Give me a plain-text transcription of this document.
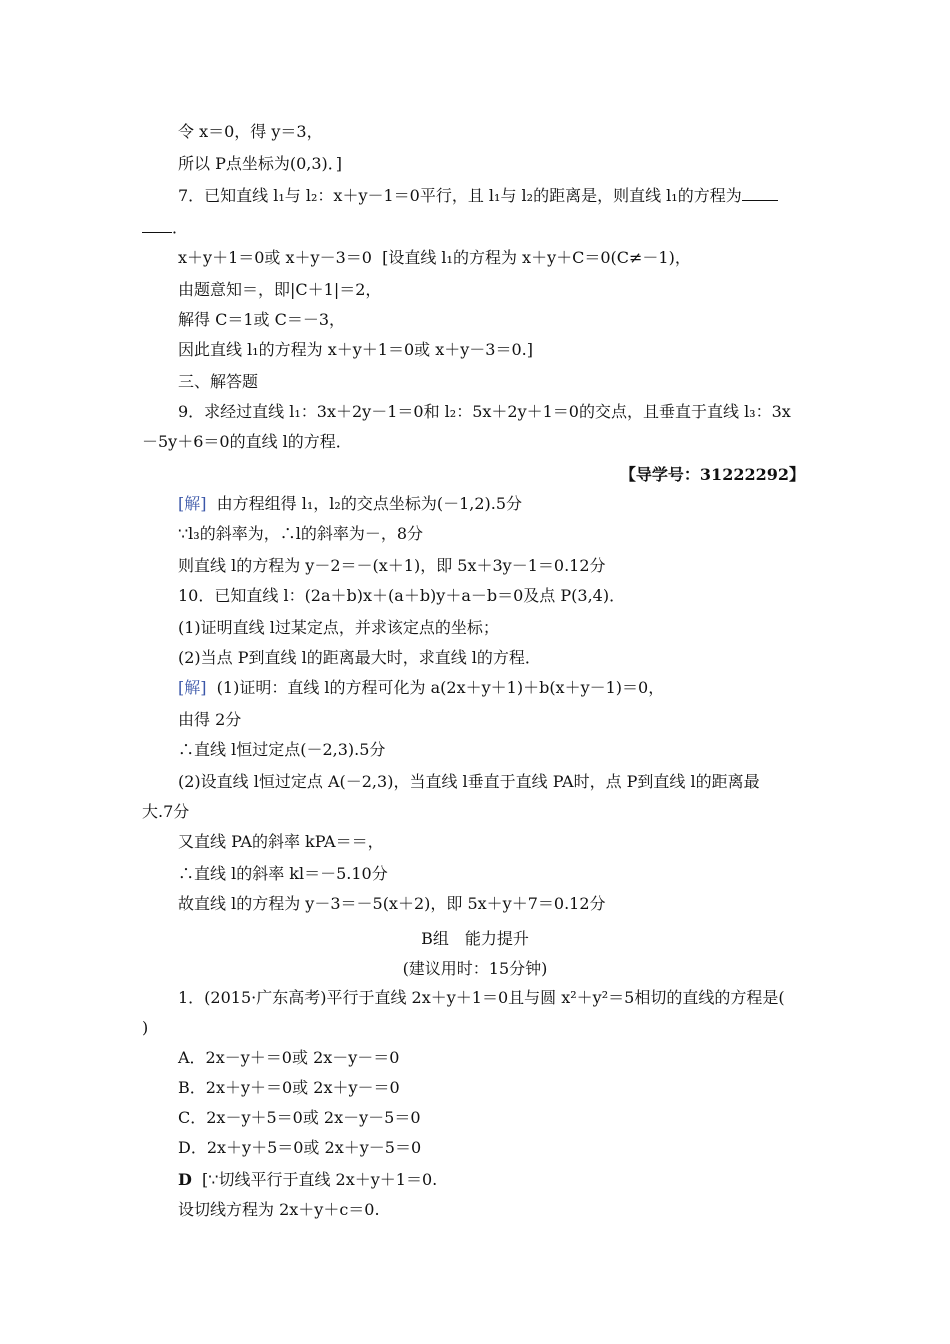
令 x＝0，得 y＝3，
所以 P点坐标为(0,3)．]
7．已知直线 l₁与 l₂：x＋y－1＝0平行，且 l₁与 l₂的距离是，则直线 l₁的方程为
．
x＋y＋1＝0或 x＋y－3＝0  [设直线 l₁的方程为 x＋y＋C＝0(C≠－1)，
由题意知＝，即|C＋1|＝2，
解得 C＝1或 C＝－3，
因此直线 l₁的方程为 x＋y＋1＝0或 x＋y－3＝0.]
三、解答题
9．求经过直线 l₁：3x＋2y－1＝0和 l₂：5x＋2y＋1＝0的交点，且垂直于直线 l₃：3x
－5y＋6＝0的直线 l的方程．
【导学号：31222292】
[解]  由方程组得 l₁，l₂的交点坐标为(－1,2).5分
∵l₃的斜率为，∴l的斜率为－，8分
则直线 l的方程为 y－2＝－(x＋1)，即 5x＋3y－1＝0.12分
10．已知直线 l：(2a＋b)x＋(a＋b)y＋a－b＝0及点 P(3,4)．
(1)证明直线 l过某定点，并求该定点的坐标；
(2)当点 P到直线 l的距离最大时，求直线 l的方程．
[解]  (1)证明：直线 l的方程可化为 a(2x＋y＋1)＋b(x＋y－1)＝0，
由得 2分
∴直线 l恒过定点(－2,3).5分
(2)设直线 l恒过定点 A(－2,3)，当直线 l垂直于直线 PA时，点 P到直线 l的距离最
大.7分
又直线 PA的斜率 kPA＝＝，
∴直线 l的斜率 kl＝－5.10分
故直线 l的方程为 y－3＝－5(x＋2)，即 5x＋y＋7＝0.12分
B组　能力提升
(建议用时：15分钟)
1．(2015·广东高考)平行于直线 2x＋y＋1＝0且与圆 x²＋y²＝5相切的直线的方程是(
)
A．2x－y＋＝0或 2x－y－＝0
B．2x＋y＋＝0或 2x＋y－＝0
C．2x－y＋5＝0或 2x－y－5＝0
D．2x＋y＋5＝0或 2x＋y－5＝0
D  [∵切线平行于直线 2x＋y＋1＝0.
设切线方程为 2x＋y＋c＝0.
